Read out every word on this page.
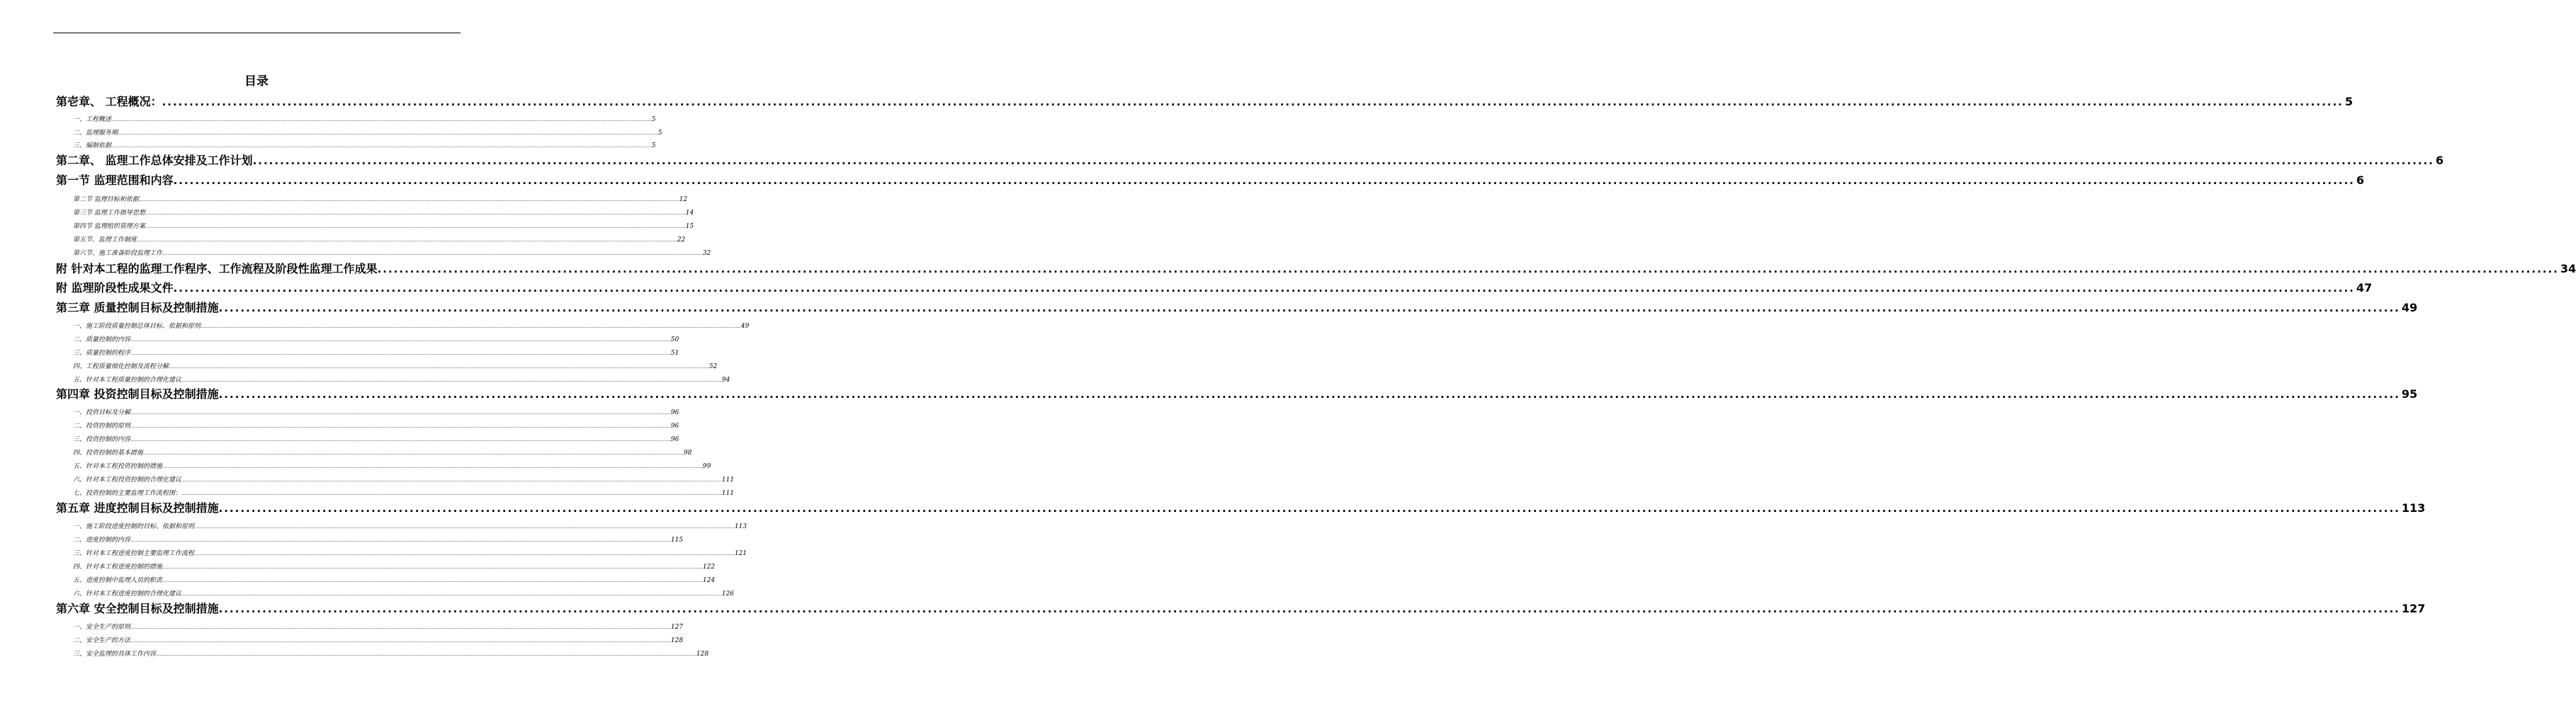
目录
第壱章、 工程概况： ................................................................................................................................................................................................................................................................................................................................................................................................................ 5
一、工程概述 ................................................................................................................................................................................................................................................................................................................................................................................................................ 5
二、监理服务期 ................................................................................................................................................................................................................................................................................................................................................................................................................ 5
三、编制依据 ................................................................................................................................................................................................................................................................................................................................................................................................................ 5
第二章、 监理工作总体安排及工作计划 ................................................................................................................................................................................................................................................................................................................................................................................................................ 6
第一节 监理范围和内容 ................................................................................................................................................................................................................................................................................................................................................................................................................ 6
第二节 监理目标和依据 ................................................................................................................................................................................................................................................................................................................................................................................................................ 12
第三节 监理工作指导思想 ................................................................................................................................................................................................................................................................................................................................................................................................................ 14
第四节 监理组织管理方案 ................................................................................................................................................................................................................................................................................................................................................................................................................ 15
第五节、监理工作制度 ................................................................................................................................................................................................................................................................................................................................................................................................................ 22
第六节、施工准备阶段监理工作 ................................................................................................................................................................................................................................................................................................................................................................................................................ 32
附 针对本工程的监理工作程序、工作流程及阶段性监理工作成果 ................................................................................................................................................................................................................................................................................................................................................................................................................ 34
附 监理阶段性成果文件 ................................................................................................................................................................................................................................................................................................................................................................................................................ 47
第三章 质量控制目标及控制措施 ................................................................................................................................................................................................................................................................................................................................................................................................................ 49
一、施工阶段质量控制总体目标、依据和原则 ................................................................................................................................................................................................................................................................................................................................................................................................................ 49
二、质量控制的内容 ................................................................................................................................................................................................................................................................................................................................................................................................................ 50
三、质量控制的程序 ................................................................................................................................................................................................................................................................................................................................................................................................................ 51
四、工程质量细化控制及流程分解 ................................................................................................................................................................................................................................................................................................................................................................................................................ 52
五、针对本工程质量控制的合理化建议 ................................................................................................................................................................................................................................................................................................................................................................................................................ 94
第四章 投资控制目标及控制措施 ................................................................................................................................................................................................................................................................................................................................................................................................................ 95
一、投资目标及分解 ................................................................................................................................................................................................................................................................................................................................................................................................................ 96
二、投资控制的原则 ................................................................................................................................................................................................................................................................................................................................................................................................................ 96
三、投资控制的内容 ................................................................................................................................................................................................................................................................................................................................................................................................................ 96
四、投资控制的基本措施 ................................................................................................................................................................................................................................................................................................................................................................................................................ 98
五、针对本工程投资控制的措施 ................................................................................................................................................................................................................................................................................................................................................................................................................ 99
六、针对本工程投资控制的合理化建议 ................................................................................................................................................................................................................................................................................................................................................................................................................ 111
七、投资控制的主要监理工作流程图： ................................................................................................................................................................................................................................................................................................................................................................................................................ 111
第五章 进度控制目标及控制措施 ................................................................................................................................................................................................................................................................................................................................................................................................................ 113
一、施工阶段进度控制的目标、依据和原则 ................................................................................................................................................................................................................................................................................................................................................................................................................ 113
二、进度控制的内容 ................................................................................................................................................................................................................................................................................................................................................................................................................ 115
三、针对本工程进度控制主要监理工作流程 ................................................................................................................................................................................................................................................................................................................................................................................................................ 121
四、针对本工程进度控制的措施 ................................................................................................................................................................................................................................................................................................................................................................................................................ 122
五、进度控制中监理人员的职责 ................................................................................................................................................................................................................................................................................................................................................................................................................ 124
六、针对本工程进度控制的合理化建议 ................................................................................................................................................................................................................................................................................................................................................................................................................ 126
第六章 安全控制目标及控制措施 ................................................................................................................................................................................................................................................................................................................................................................................................................ 127
一、安全生产的原则 ................................................................................................................................................................................................................................................................................................................................................................................................................ 127
二、安全生产的方法 ................................................................................................................................................................................................................................................................................................................................................................................................................ 128
三、安全监理的具体工作内容 ................................................................................................................................................................................................................................................................................................................................................................................................................ 128
